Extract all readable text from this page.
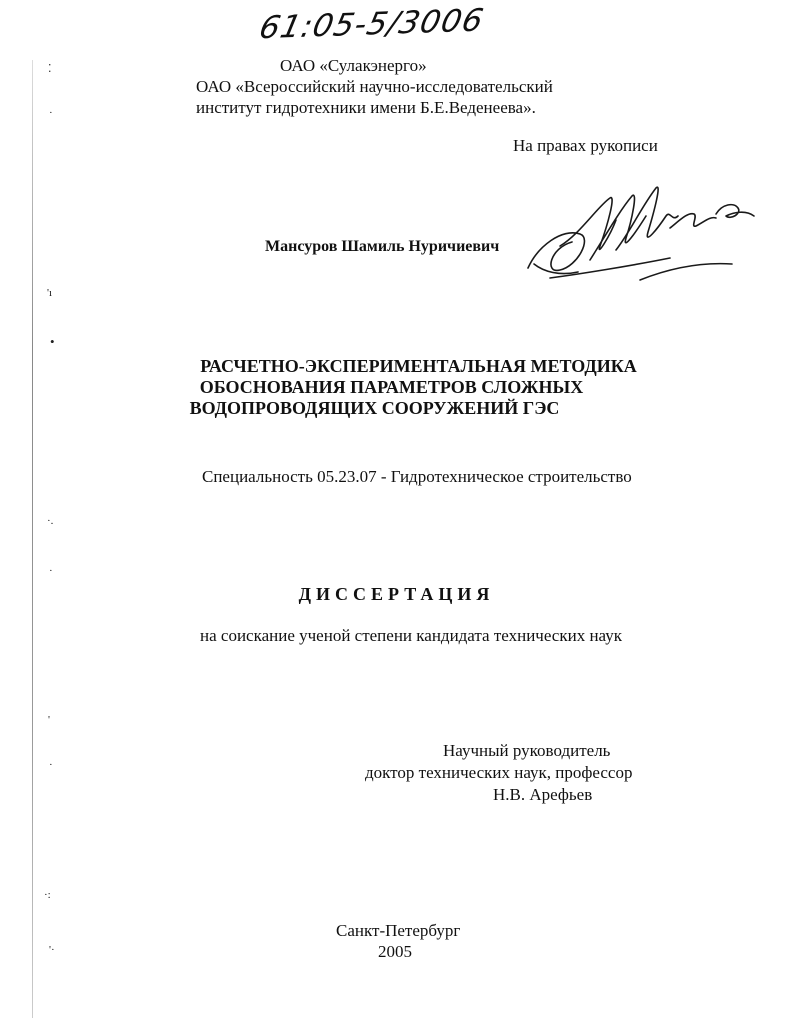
⁚
·
'ı
•
·.
·
'
·
·:
'·
61:05-5/3006
ОАО «Сулакэнерго»
ОАО «Всероссийский научно-исследовательский
институт гидротехники имени Б.Е.Веденеева».
На правах рукописи
Мансуров Шамиль Нуричиевич
РАСЧЕТНО-ЭКСПЕРИМЕНТАЛЬНАЯ МЕТОДИКА
ОБОСНОВАНИЯ ПАРАМЕТРОВ СЛОЖНЫХ
ВОДОПРОВОДЯЩИХ СООРУЖЕНИЙ ГЭС
Специальность 05.23.07 - Гидротехническое строительство
ДИССЕРТАЦИЯ
на соискание ученой степени кандидата технических наук
Научный руководитель
доктор технических наук, профессор
Н.В. Арефьев
Санкт-Петербург
2005
